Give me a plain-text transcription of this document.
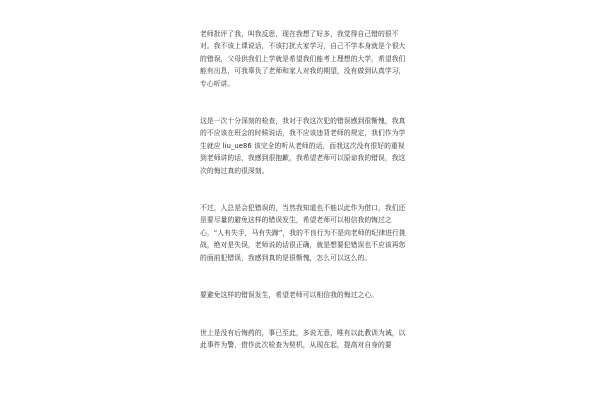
老师批评了我，叫我反思，现在我想了好多，我觉得自己错的很不对。我不该上课说话，不该打扰大家学习，自己不学本身就是个很大的错误，父母供我们上学就是希望我们能考上理想的大学，希望我们能有出息，可我辜负了老师和家人对我的期望，没有做到认真学习，专心听讲。

这是一次十分深刻的检查，我对于我这次犯的错误感到很惭愧，我真的不应该在班会的时候说话，我不应该违背老师的规定，我们作为学生就应 liu_ue86 该完全的听从老师的话，而我这次没有很好的重视到老师讲的话，我感到很抱歉，我希望老师可以原谅我的错误，我这次的悔过真的很深刻。

不过，人总是会犯错误的，当然我知道也不能以此作为借口，我们还是要尽量的避免这样的错误发生，希望老师可以相信我的悔过之心，“人有失手，马有失蹄”，我的不良行为不是向老师的纪律进行挑战，绝对是失误，老师说的话很正确，就是想要犯错误也不应该再您的面前犯错误，我感到真的是很惭愧，怎么可以这么的。

要避免这样的错误发生，希望老师可以相信我的悔过之心。

世上是没有后悔药的，事已至此，多说无意，唯有以此教训为诫，以此事件为警，借作此次检查为契机，从现在起，提高对自身的要
